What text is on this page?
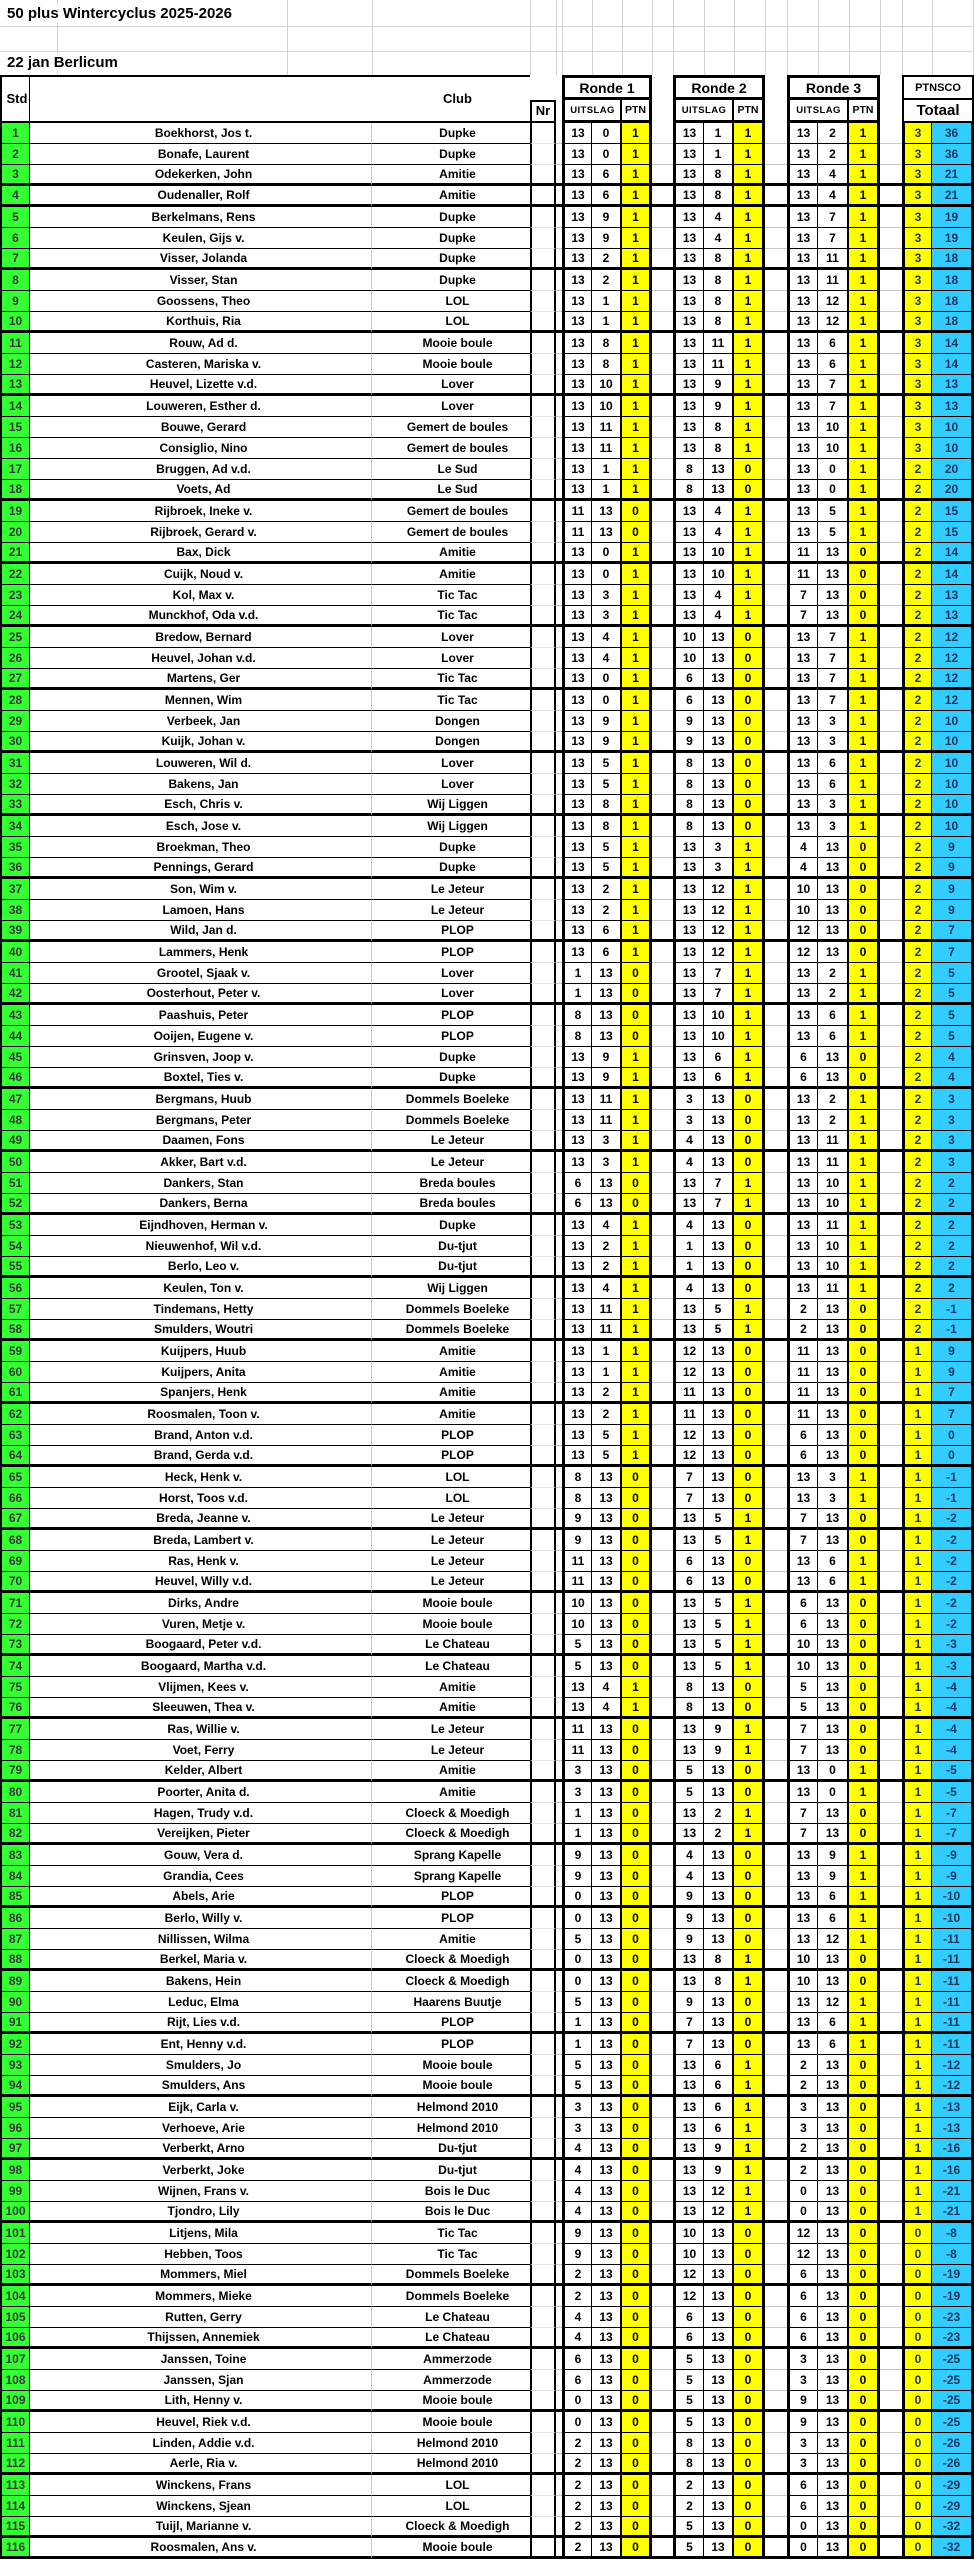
50 plus Wintercyclus 2025-2026
22 jan Berlicum
Std	Club
Nr
Ronde 1
UITSLAG PTN
Ronde 2
UITSLAG	PTN
Ronde 3
UITSLAG	PTN
PTN SCO
Totaal
1	Boekhorst, Jos t.	Dupke	13	0	1	13	1	1	13	2	1	3	36
2	Bonafe, Laurent	Dupke	13	0	1	13	1	1	13	2	1	3	36
3	Odekerken, John	Amitie	13	6	1	13	8	1	13	4	1	3	21
4	Oudenaller, Rolf	Amitie	13	6	1	13	8	1	13	4	1	3	21
5	Berkelmans, Rens	Dupke	13	9	1	13	4	1	13	7	1	3	19
6	Keulen, Gijs v.	Dupke	13	9	1	13	4	1	13	7	1	3	19
7	Visser, Jolanda	Dupke	13	2	1	13	8	1	13	11	1	3	18
8	Visser, Stan	Dupke	13	2	1	13	8	1	13	11	1	3	18
9	Goossens, Theo	LOL	13	1	1	13	8	1	13	12	1	3	18
10	Korthuis, Ria	LOL	13	1	1	13	8	1	13	12	1	3	18
11	Rouw, Ad d.	Mooie boule	13	8	1	13	11	1	13	6	1	3	14
12	Casteren, Mariska v.	Mooie boule	13	8	1	13	11	1	13	6	1	3	14
13	Heuvel, Lizette v.d.	Lover	13	10	1	13	9	1	13	7	1	3	13
14	Louweren, Esther d.	Lover	13	10	1	13	9	1	13	7	1	3	13
15	Bouwe, Gerard	Gemert de boules	13	11	1	13	8	1	13	10	1	3	10
16	Consiglio, Nino	Gemert de boules	13	11	1	13	8	1	13	10	1	3	10
17	Bruggen, Ad v.d.	Le Sud	13	1	1	8	13	0	13	0	1	2	20
18	Voets, Ad	Le Sud	13	1	1	8	13	0	13	0	1	2	20
19	Rijbroek, Ineke v.	Gemert de boules	11	13	0	13	4	1	13	5	1	2	15
20	Rijbroek, Gerard v.	Gemert de boules	11	13	0	13	4	1	13	5	1	2	15
21	Bax, Dick	Amitie	13	0	1	13	10	1	11	13	0	2	14
22	Cuijk, Noud v.	Amitie	13	0	1	13	10	1	11	13	0	2	14
23	Kol, Max v.	Tic Tac	13	3	1	13	4	1	7	13	0	2	13
24	Munckhof, Oda v.d.	Tic Tac	13	3	1	13	4	1	7	13	0	2	13
25	Bredow, Bernard	Lover	13	4	1	10	13	0	13	7	1	2	12
26	Heuvel, Johan v.d.	Lover	13	4	1	10	13	0	13	7	1	2	12
27	Martens, Ger	Tic Tac	13	0	1	6	13	0	13	7	1	2	12
28	Mennen, Wim	Tic Tac	13	0	1	6	13	0	13	7	1	2	12
29	Verbeek, Jan	Dongen	13	9	1	9	13	0	13	3	1	2	10
30	Kuijk, Johan v.	Dongen	13	9	1	9	13	0	13	3	1	2	10
31	Louweren, Wil d.	Lover	13	5	1	8	13	0	13	6	1	2	10
32	Bakens, Jan	Lover	13	5	1	8	13	0	13	6	1	2	10
33	Esch, Chris v.	Wij Liggen	13	8	1	8	13	0	13	3	1	2	10
34	Esch, Jose v.	Wij Liggen	13	8	1	8	13	0	13	3	1	2	10
35	Broekman, Theo	Dupke	13	5	1	13	3	1	4	13	0	2	9
36	Pennings, Gerard	Dupke	13	5	1	13	3	1	4	13	0	2	9
37	Son, Wim v.	Le Jeteur	13	2	1	13	12	1	10	13	0	2	9
38	Lamoen, Hans	Le Jeteur	13	2	1	13	12	1	10	13	0	2	9
39	Wild, Jan d.	PLOP	13	6	1	13	12	1	12	13	0	2	7
40	Lammers, Henk	PLOP	13	6	1	13	12	1	12	13	0	2	7
41	Grootel, Sjaak v.	Lover	1	13	0	13	7	1	13	2	1	2	5
42	Oosterhout, Peter v.	Lover	1	13	0	13	7	1	13	2	1	2	5
43	Paashuis, Peter	PLOP	8	13	0	13	10	1	13	6	1	2	5
44	Ooijen, Eugene v.	PLOP	8	13	0	13	10	1	13	6	1	2	5
45	Grinsven, Joop v.	Dupke	13	9	1	13	6	1	6	13	0	2	4
46	Boxtel, Ties v.	Dupke	13	9	1	13	6	1	6	13	0	2	4
47	Bergmans, Huub	Dommels Boeleke	13	11	1	3	13	0	13	2	1	2	3
48	Bergmans, Peter	Dommels Boeleke	13	11	1	3	13	0	13	2	1	2	3
49	Daamen, Fons	Le Jeteur	13	3	1	4	13	0	13	11	1	2	3
50	Akker, Bart v.d.	Le Jeteur	13	3	1	4	13	0	13	11	1	2	3
51	Dankers, Stan	Breda boules	6	13	0	13	7	1	13	10	1	2	2
52	Dankers, Berna	Breda boules	6	13	0	13	7	1	13	10	1	2	2
53	Eijndhoven, Herman v.	Dupke	13	4	1	4	13	0	13	11	1	2	2
54	Nieuwenhof, Wil v.d.	Du-tjut	13	2	1	1	13	0	13	10	1	2	2
55	Berlo, Leo v.	Du-tjut	13	2	1	1	13	0	13	10	1	2	2
56	Keulen, Ton v.	Wij Liggen	13	4	1	4	13	0	13	11	1	2	2
57	Tindemans, Hetty	Dommels Boeleke	13	11	1	13	5	1	2	13	0	2	-1
58	Smulders, Woutri	Dommels Boeleke	13	11	1	13	5	1	2	13	0	2	-1
59	Kuijpers, Huub	Amitie	13	1	1	12	13	0	11	13	0	1	9
60	Kuijpers, Anita	Amitie	13	1	1	12	13	0	11	13	0	1	9
61	Spanjers, Henk	Amitie	13	2	1	11	13	0	11	13	0	1	7
62	Roosmalen, Toon v.	Amitie	13	2	1	11	13	0	11	13	0	1	7
63	Brand, Anton v.d.	PLOP	13	5	1	12	13	0	6	13	0	1	0
64	Brand, Gerda v.d.	PLOP	13	5	1	12	13	0	6	13	0	1	0
65	Heck, Henk v.	LOL	8	13	0	7	13	0	13	3	1	1	-1
66	Horst, Toos v.d.	LOL	8	13	0	7	13	0	13	3	1	1	-1
67	Breda, Jeanne v.	Le Jeteur	9	13	0	13	5	1	7	13	0	1	-2
68	Breda, Lambert v.	Le Jeteur	9	13	0	13	5	1	7	13	0	1	-2
69	Ras, Henk v.	Le Jeteur	11	13	0	6	13	0	13	6	1	1	-2
70	Heuvel, Willy v.d.	Le Jeteur	11	13	0	6	13	0	13	6	1	1	-2
71	Dirks, Andre	Mooie boule	10	13	0	13	5	1	6	13	0	1	-2
72	Vuren, Metje v.	Mooie boule	10	13	0	13	5	1	6	13	0	1	-2
73	Boogaard, Peter v.d.	Le Chateau	5	13	0	13	5	1	10	13	0	1	-3
74	Boogaard, Martha v.d.	Le Chateau	5	13	0	13	5	1	10	13	0	1	-3
75	Vlijmen, Kees v.	Amitie	13	4	1	8	13	0	5	13	0	1	-4
76	Sleeuwen, Thea v.	Amitie	13	4	1	8	13	0	5	13	0	1	-4
77	Ras, Willie v.	Le Jeteur	11	13	0	13	9	1	7	13	0	1	-4
78	Voet, Ferry	Le Jeteur	11	13	0	13	9	1	7	13	0	1	-4
79	Kelder, Albert	Amitie	3	13	0	5	13	0	13	0	1	1	-5
80	Poorter, Anita d.	Amitie	3	13	0	5	13	0	13	0	1	1	-5
81	Hagen, Trudy v.d.	Cloeck & Moedigh	1	13	0	13	2	1	7	13	0	1	-7
82	Vereijken, Pieter	Cloeck & Moedigh	1	13	0	13	2	1	7	13	0	1	-7
83	Gouw, Vera d.	Sprang Kapelle	9	13	0	4	13	0	13	9	1	1	-9
84	Grandia, Cees	Sprang Kapelle	9	13	0	4	13	0	13	9	1	1	-9
85	Abels, Arie	PLOP	0	13	0	9	13	0	13	6	1	1	-10
86	Berlo, Willy v.	PLOP	0	13	0	9	13	0	13	6	1	1	-10
87	Nillissen, Wilma	Amitie	5	13	0	9	13	0	13	12	1	1	-11
88	Berkel, Maria v.	Cloeck & Moedigh	0	13	0	13	8	1	10	13	0	1	-11
89	Bakens, Hein	Cloeck & Moedigh	0	13	0	13	8	1	10	13	0	1	-11
90	Leduc, Elma	Haarens Buutje	5	13	0	9	13	0	13	12	1	1	-11
91	Rijt, Lies v.d.	PLOP	1	13	0	7	13	0	13	6	1	1	-11
92	Ent, Henny v.d.	PLOP	1	13	0	7	13	0	13	6	1	1	-11
93	Smulders, Jo	Mooie boule	5	13	0	13	6	1	2	13	0	1	-12
94	Smulders, Ans	Mooie boule	5	13	0	13	6	1	2	13	0	1	-12
95	Eijk, Carla v.	Helmond 2010	3	13	0	13	6	1	3	13	0	1	-13
96	Verhoeve, Arie	Helmond 2010	3	13	0	13	6	1	3	13	0	1	-13
97	Verberkt, Arno	Du-tjut	4	13	0	13	9	1	2	13	0	1	-16
98	Verberkt, Joke	Du-tjut	4	13	0	13	9	1	2	13	0	1	-16
99	Wijnen, Frans v.	Bois le Duc	4	13	0	13	12	1	0	13	0	1	-21
100	Tjondro, Lily	Bois le Duc	4	13	0	13	12	1	0	13	0	1	-21
101	Litjens, Mila	Tic Tac	9	13	0	10	13	0	12	13	0	0	-8
102	Hebben, Toos	Tic Tac	9	13	0	10	13	0	12	13	0	0	-8
103	Mommers, Miel	Dommels Boeleke	2	13	0	12	13	0	6	13	0	0	-19
104	Mommers, Mieke	Dommels Boeleke	2	13	0	12	13	0	6	13	0	0	-19
105	Rutten, Gerry	Le Chateau	4	13	0	6	13	0	6	13	0	0	-23
106	Thijssen, Annemiek	Le Chateau	4	13	0	6	13	0	6	13	0	0	-23
107	Janssen, Toine	Ammerzode	6	13	0	5	13	0	3	13	0	0	-25
108	Janssen, Sjan	Ammerzode	6	13	0	5	13	0	3	13	0	0	-25
109	Lith, Henny v.	Mooie boule	0	13	0	5	13	0	9	13	0	0	-25
110	Heuvel, Riek v.d.	Mooie boule	0	13	0	5	13	0	9	13	0	0	-25
111	Linden, Addie v.d.	Helmond 2010	2	13	0	8	13	0	3	13	0	0	-26
112	Aerle, Ria v.	Helmond 2010	2	13	0	8	13	0	3	13	0	0	-26
113	Winckens, Frans	LOL	2	13	0	2	13	0	6	13	0	0	-29
114	Winckens, Sjean	LOL	2	13	0	2	13	0	6	13	0	0	-29
115	Tuijl, Marianne v.	Cloeck & Moedigh	2	13	0	5	13	0	0	13	0	0	-32
116	Roosmalen, Ans v.	Mooie boule	2	13	0	5	13	0	0	13	0	0	-32
